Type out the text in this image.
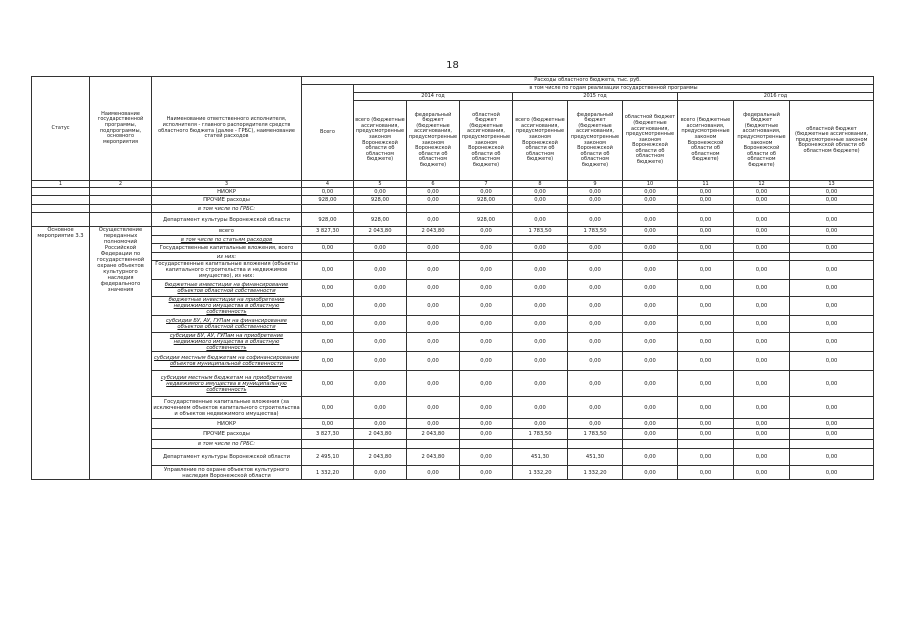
18
Статус	Наименование государственной программы, подпрограммы, основного мероприятия	Наименование ответственного исполнителя, исполнителя - главного распорядителя средств областного бюджета (далее - ГРБС), наименование статей расходов	Расходы областного бюджета, тыс. руб.									
			Всего	в том числе по годам реализации государственной программы								
				2014 год			2015 год			2016 год		
				всего (бюджетные ассигнования, предусмотренные законом Воронежской области об областном бюджете)	федеральный бюджет (бюджетные ассигнования, предусмотренные законом Воронежской области об областном бюджете)	областной бюджет (бюджетные ассигнования, предусмотренные законом Воронежской области об областном бюджете)	всего (бюджетные ассигнования, предусмотренные законом Воронежской области об областном бюджете)	федеральный бюджет (бюджетные ассигнования, предусмотренные законом Воронежской области об областном бюджете)	областной бюджет (бюджетные ассигнования, предусмотренные законом Воронежской области об областном бюджете)	всего (бюджетные ассигнования, предусмотренные законом Воронежской области об областном бюджете)	федеральный бюджет (бюджетные ассигнования, предусмотренные законом Воронежской области об областном бюджете)	областной бюджет (бюджетные ассигнования, предусмотренные законом Воронежской области об областном бюджете)
1	2	3	4	5	6	7	8	9	10	11	12	13
		НИОКР	0,00	0,00	0,00	0,00	0,00	0,00	0,00	0,00	0,00	0,00
		ПРОЧИЕ расходы	928,00	928,00	0,00	928,00	0,00	0,00	0,00	0,00	0,00	0,00
		в том числе по ГРБС:										
		Департамент культуры Воронежской области	928,00	928,00	0,00	928,00	0,00	0,00	0,00	0,00	0,00	0,00
Основное мероприятие 3.3	Осуществление переданных полномочий Российской Федерации по государственной охране объектов культурного наследия федерального значения	всего	3 827,30	2 043,80	2 043,80	0,00	1 783,50	1 783,50	0,00	0,00	0,00	0,00
		в том числе по статьям расходов										
		Государственные капитальные вложения, всего	0,00	0,00	0,00	0,00	0,00	0,00	0,00	0,00	0,00	0,00
		из них:										
		Государственные капитальные вложения (объекты капитального строительства и недвижимое имущество), из них:	0,00	0,00	0,00	0,00	0,00	0,00	0,00	0,00	0,00	0,00
		бюджетные инвестиции на финансирование объектов областной собственности	0,00	0,00	0,00	0,00	0,00	0,00	0,00	0,00	0,00	0,00
		бюджетные инвестиции на приобретение недвижимого имущества в областную собственность	0,00	0,00	0,00	0,00	0,00	0,00	0,00	0,00	0,00	0,00
		субсидии БУ, АУ, ГУПам на финансирование объектов областной собственности	0,00	0,00	0,00	0,00	0,00	0,00	0,00	0,00	0,00	0,00
		субсидии БУ, АУ, ГУПам на приобретение недвижимого имущества в областную собственность	0,00	0,00	0,00	0,00	0,00	0,00	0,00	0,00	0,00	0,00
		субсидии местным бюджетам на софинансирование объектов муниципальной собственности	0,00	0,00	0,00	0,00	0,00	0,00	0,00	0,00	0,00	0,00
		субсидии местным бюджетам на приобретение недвижимого имущества в муниципальную собственность	0,00	0,00	0,00	0,00	0,00	0,00	0,00	0,00	0,00	0,00
		Государственные капитальные вложения (за исключением объектов капитального строительства и объектов недвижимого имущества)	0,00	0,00	0,00	0,00	0,00	0,00	0,00	0,00	0,00	0,00
		НИОКР	0,00	0,00	0,00	0,00	0,00	0,00	0,00	0,00	0,00	0,00
		ПРОЧИЕ расходы	3 827,30	2 043,80	2 043,80	0,00	1 783,50	1 783,50	0,00	0,00	0,00	0,00
		в том числе по ГРБС:										
		Департамент культуры Воронежской области	2 495,10	2 043,80	2 043,80	0,00	451,30	451,30	0,00	0,00	0,00	0,00
		Управление по охране объектов культурного наследия Воронежской области	1 332,20	0,00	0,00	0,00	1 332,20	1 332,20	0,00	0,00	0,00	0,00
